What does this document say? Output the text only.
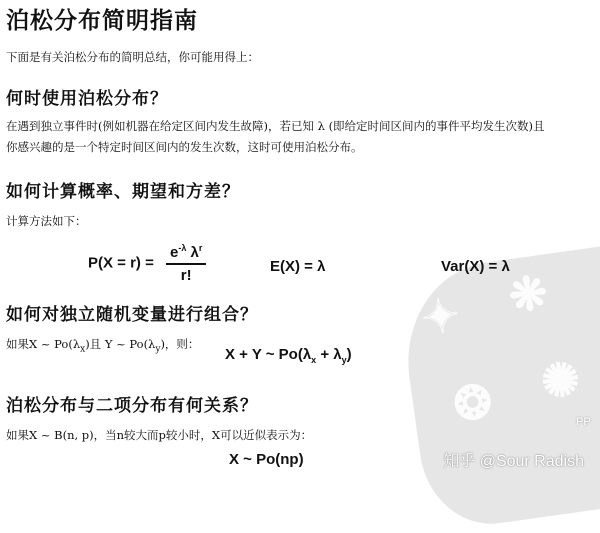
✦ ❋
❂ ✺
PP
泊松分布简明指南
下面是有关泊松分布的简明总结，你可能用得上：
何时使用泊松分布？
在遇到独立事件时(例如机器在给定区间内发生故障)，若已知 λ (即给定时间区间内的事件平均发生次数)且
你感兴趣的是一个特定时间区间内的发生次数，这时可使用泊松分布。
如何计算概率、期望和方差？
计算方法如下：
$P(X = r) = \frac{e^{-\lambda} \lambda^r}{r!}$	E(X) = λ	Var(X) = λ
如何对独立随机变量进行组合？
如果X ~ $Po(\lambda_x)$且 Y ~ $Po(\lambda_y)$，则：
X + Y ~ $Po(\lambda_x + \lambda_y)$
泊松分布与二项分布有何关系？
如果X ~ B(n, p)，当n较大而p较小时，X可以近似表示为：
X ~ Po(np)	知乎 @Sour Radish
